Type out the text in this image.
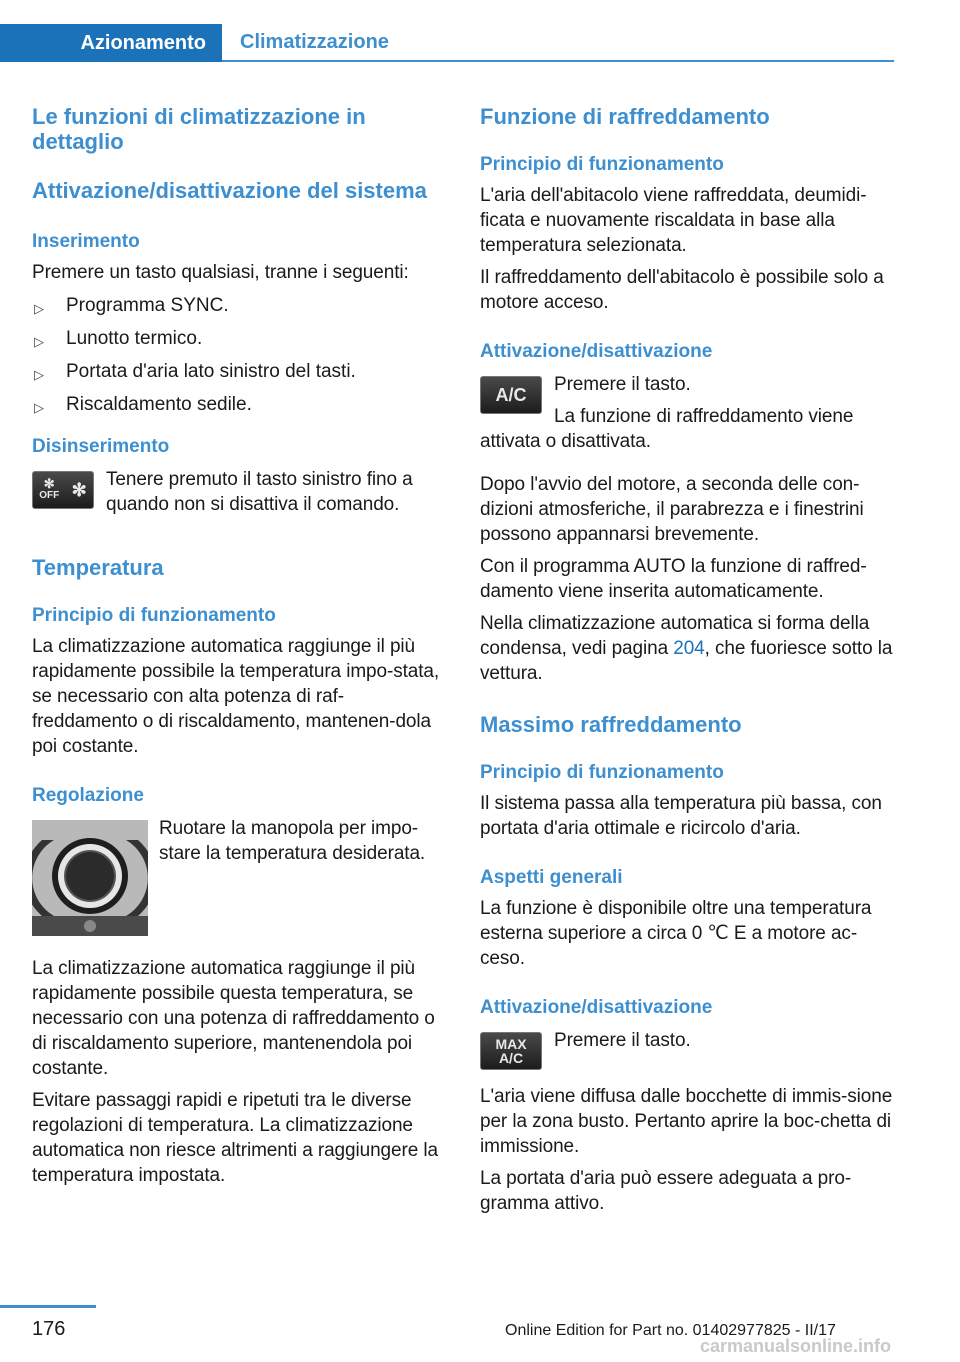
Azionamento	Climatizzazione
Le funzioni di climatizzazione in dettaglio
Attivazione/disattivazione del sistema
Inserimento
Premere un tasto qualsiasi, tranne i seguenti:
▷ Programma SYNC.
▷ Lunotto termico.
▷ Portata d'aria lato sinistro del tasti.
▷ Riscaldamento sedile.
Disinserimento
✻
OFF ✻ Tenere premuto il tasto sinistro fino a quando non si disattiva il comando.
Temperatura
Principio di funzionamento
La climatizzazione automatica raggiunge il più rapidamente possibile la temperatura impo-stata, se necessario con alta potenza di raf-freddamento o di riscaldamento, mantenen-dola poi costante.
Regolazione
Ruotare la manopola per impo-stare la temperatura desiderata.
La climatizzazione automatica raggiunge il più rapidamente possibile questa temperatura, se necessario con una potenza di raffreddamento o di riscaldamento superiore, mantenendola poi costante.
Evitare passaggi rapidi e ripetuti tra le diverse regolazioni di temperatura. La climatizzazione automatica non riesce altrimenti a raggiungere la temperatura impostata.
Funzione di raffreddamento
Principio di funzionamento
L'aria dell'abitacolo viene raffreddata, deumidi-ficata e nuovamente riscaldata in base alla temperatura selezionata.
Il raffreddamento dell'abitacolo è possibile solo a motore acceso.
Attivazione/disattivazione
A/C	Premere il tasto.
La funzione di raffreddamento viene
attivata o disattivata.
Dopo l'avvio del motore, a seconda delle con-dizioni atmosferiche, il parabrezza e i finestrini possono appannarsi brevemente.
Con il programma AUTO la funzione di raffred-damento viene inserita automaticamente.
Nella climatizzazione automatica si forma della condensa, vedi pagina 204, che fuoriesce sotto la vettura.
Massimo raffreddamento
Principio di funzionamento
Il sistema passa alla temperatura più bassa, con portata d'aria ottimale e ricircolo d'aria.
Aspetti generali
La funzione è disponibile oltre una temperatura esterna superiore a circa 0 ℃ E a motore ac-ceso.
Attivazione/disattivazione
MAX
A/C
Premere il tasto.
L'aria viene diffusa dalle bocchette di immis-sione per la zona busto. Pertanto aprire la boc-chetta di immissione.
La portata d'aria può essere adeguata a pro-gramma attivo.
176	Online Edition for Part no. 01402977825 - II/17
carmanualsonline.info
